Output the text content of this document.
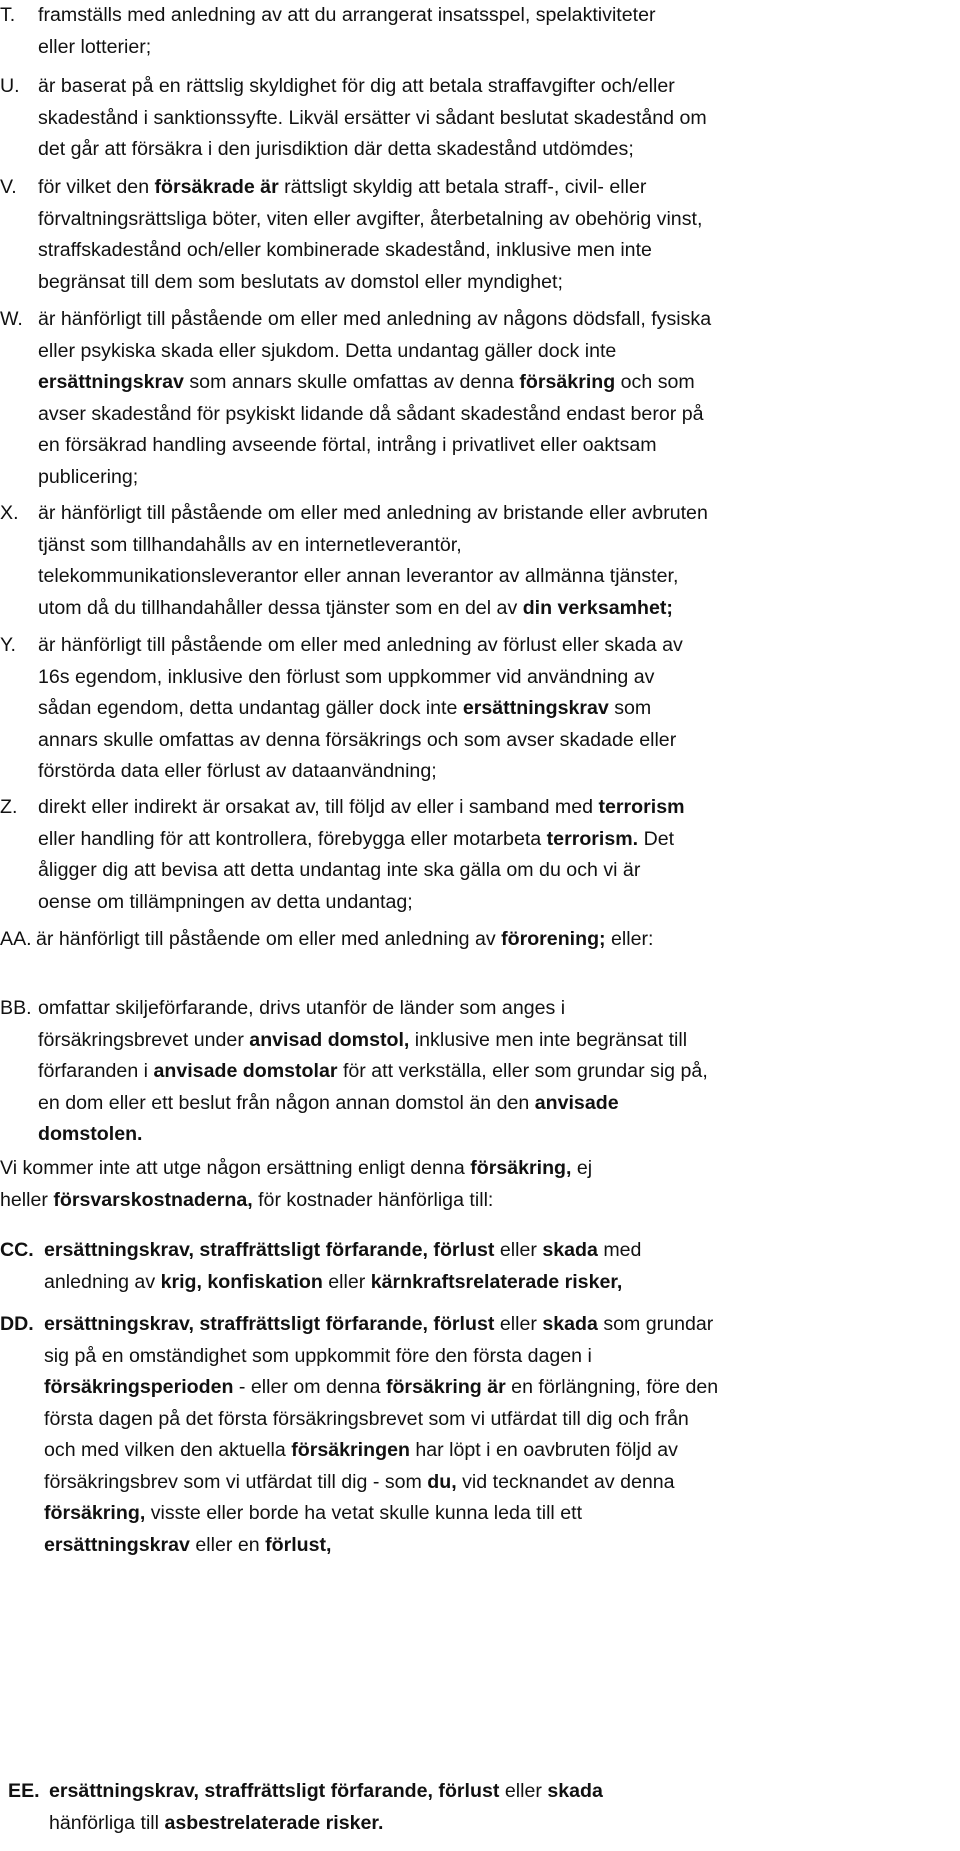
T. framställs med anledning av att du arrangerat insatsspel, spelaktiviteter
eller lotterier;
U. är baserat på en rättslig skyldighet för dig att betala straffavgifter och/eller
skadestånd i sanktionssyfte. Likväl ersätter vi sådant beslutat skadestånd om
det går att försäkra i den jurisdiktion där detta skadestånd utdömdes;
V. för vilket den försäkrade är rättsligt skyldig att betala straff-, civil- eller
förvaltningsrättsliga böter, viten eller avgifter, återbetalning av obehörig vinst,
straffskadestånd och/eller kombinerade skadestånd, inklusive men inte
begränsat till dem som beslutats av domstol eller myndighet;
W. är hänförligt till påstående om eller med anledning av någons dödsfall, fysiska
eller psykiska skada eller sjukdom. Detta undantag gäller dock inte
ersättningskrav som annars skulle omfattas av denna försäkring och som
avser skadestånd för psykiskt lidande då sådant skadestånd endast beror på
en försäkrad handling avseende förtal, intrång i privatlivet eller oaktsam
publicering;
X. är hänförligt till påstående om eller med anledning av bristande eller avbruten
tjänst som tillhandahålls av en internetleverantör,
telekommunikationsleverantor eller annan leverantor av allmänna tjänster,
utom då du tillhandahåller dessa tjänster som en del av din verksamhet;
Y. är hänförligt till påstående om eller med anledning av förlust eller skada av
16s egendom, inklusive den förlust som uppkommer vid användning av
sådan egendom, detta undantag gäller dock inte ersättningskrav som
annars skulle omfattas av denna försäkrings och som avser skadade eller
förstörda data eller förlust av dataanvändning;
Z. direkt eller indirekt är orsakat av, till följd av eller i samband med terrorism
eller handling för att kontrollera, förebygga eller motarbeta terrorism. Det
åligger dig att bevisa att detta undantag inte ska gälla om du och vi är
oense om tillämpningen av detta undantag;
AA. är hänförligt till påstående om eller med anledning av förorening; eller:
BB. omfattar skiljeförfarande, drivs utanför de länder som anges i
försäkringsbrevet under anvisad domstol, inklusive men inte begränsat till
förfaranden i anvisade domstolar för att verkställa, eller som grundar sig på,
en dom eller ett beslut från någon annan domstol än den anvisade
domstolen.
Vi kommer inte att utge någon ersättning enligt denna försäkring, ej
heller försvarskostnaderna, för kostnader hänförliga till:
CC. ersättningskrav, straffrättsligt förfarande, förlust eller skada med
anledning av krig, konfiskation eller kärnkraftsrelaterade risker,
DD. ersättningskrav, straffrättsligt förfarande, förlust eller skada som grundar
sig på en omständighet som uppkommit före den första dagen i
försäkringsperioden - eller om denna försäkring är en förlängning, före den
första dagen på det första försäkringsbrevet som vi utfärdat till dig och från
och med vilken den aktuella försäkringen har löpt i en oavbruten följd av
försäkringsbrev som vi utfärdat till dig - som du, vid tecknandet av denna
försäkring, visste eller borde ha vetat skulle kunna leda till ett
ersättningskrav eller en förlust,
EE. ersättningskrav, straffrättsligt förfarande, förlust eller skada
hänförliga till asbestrelaterade risker.
